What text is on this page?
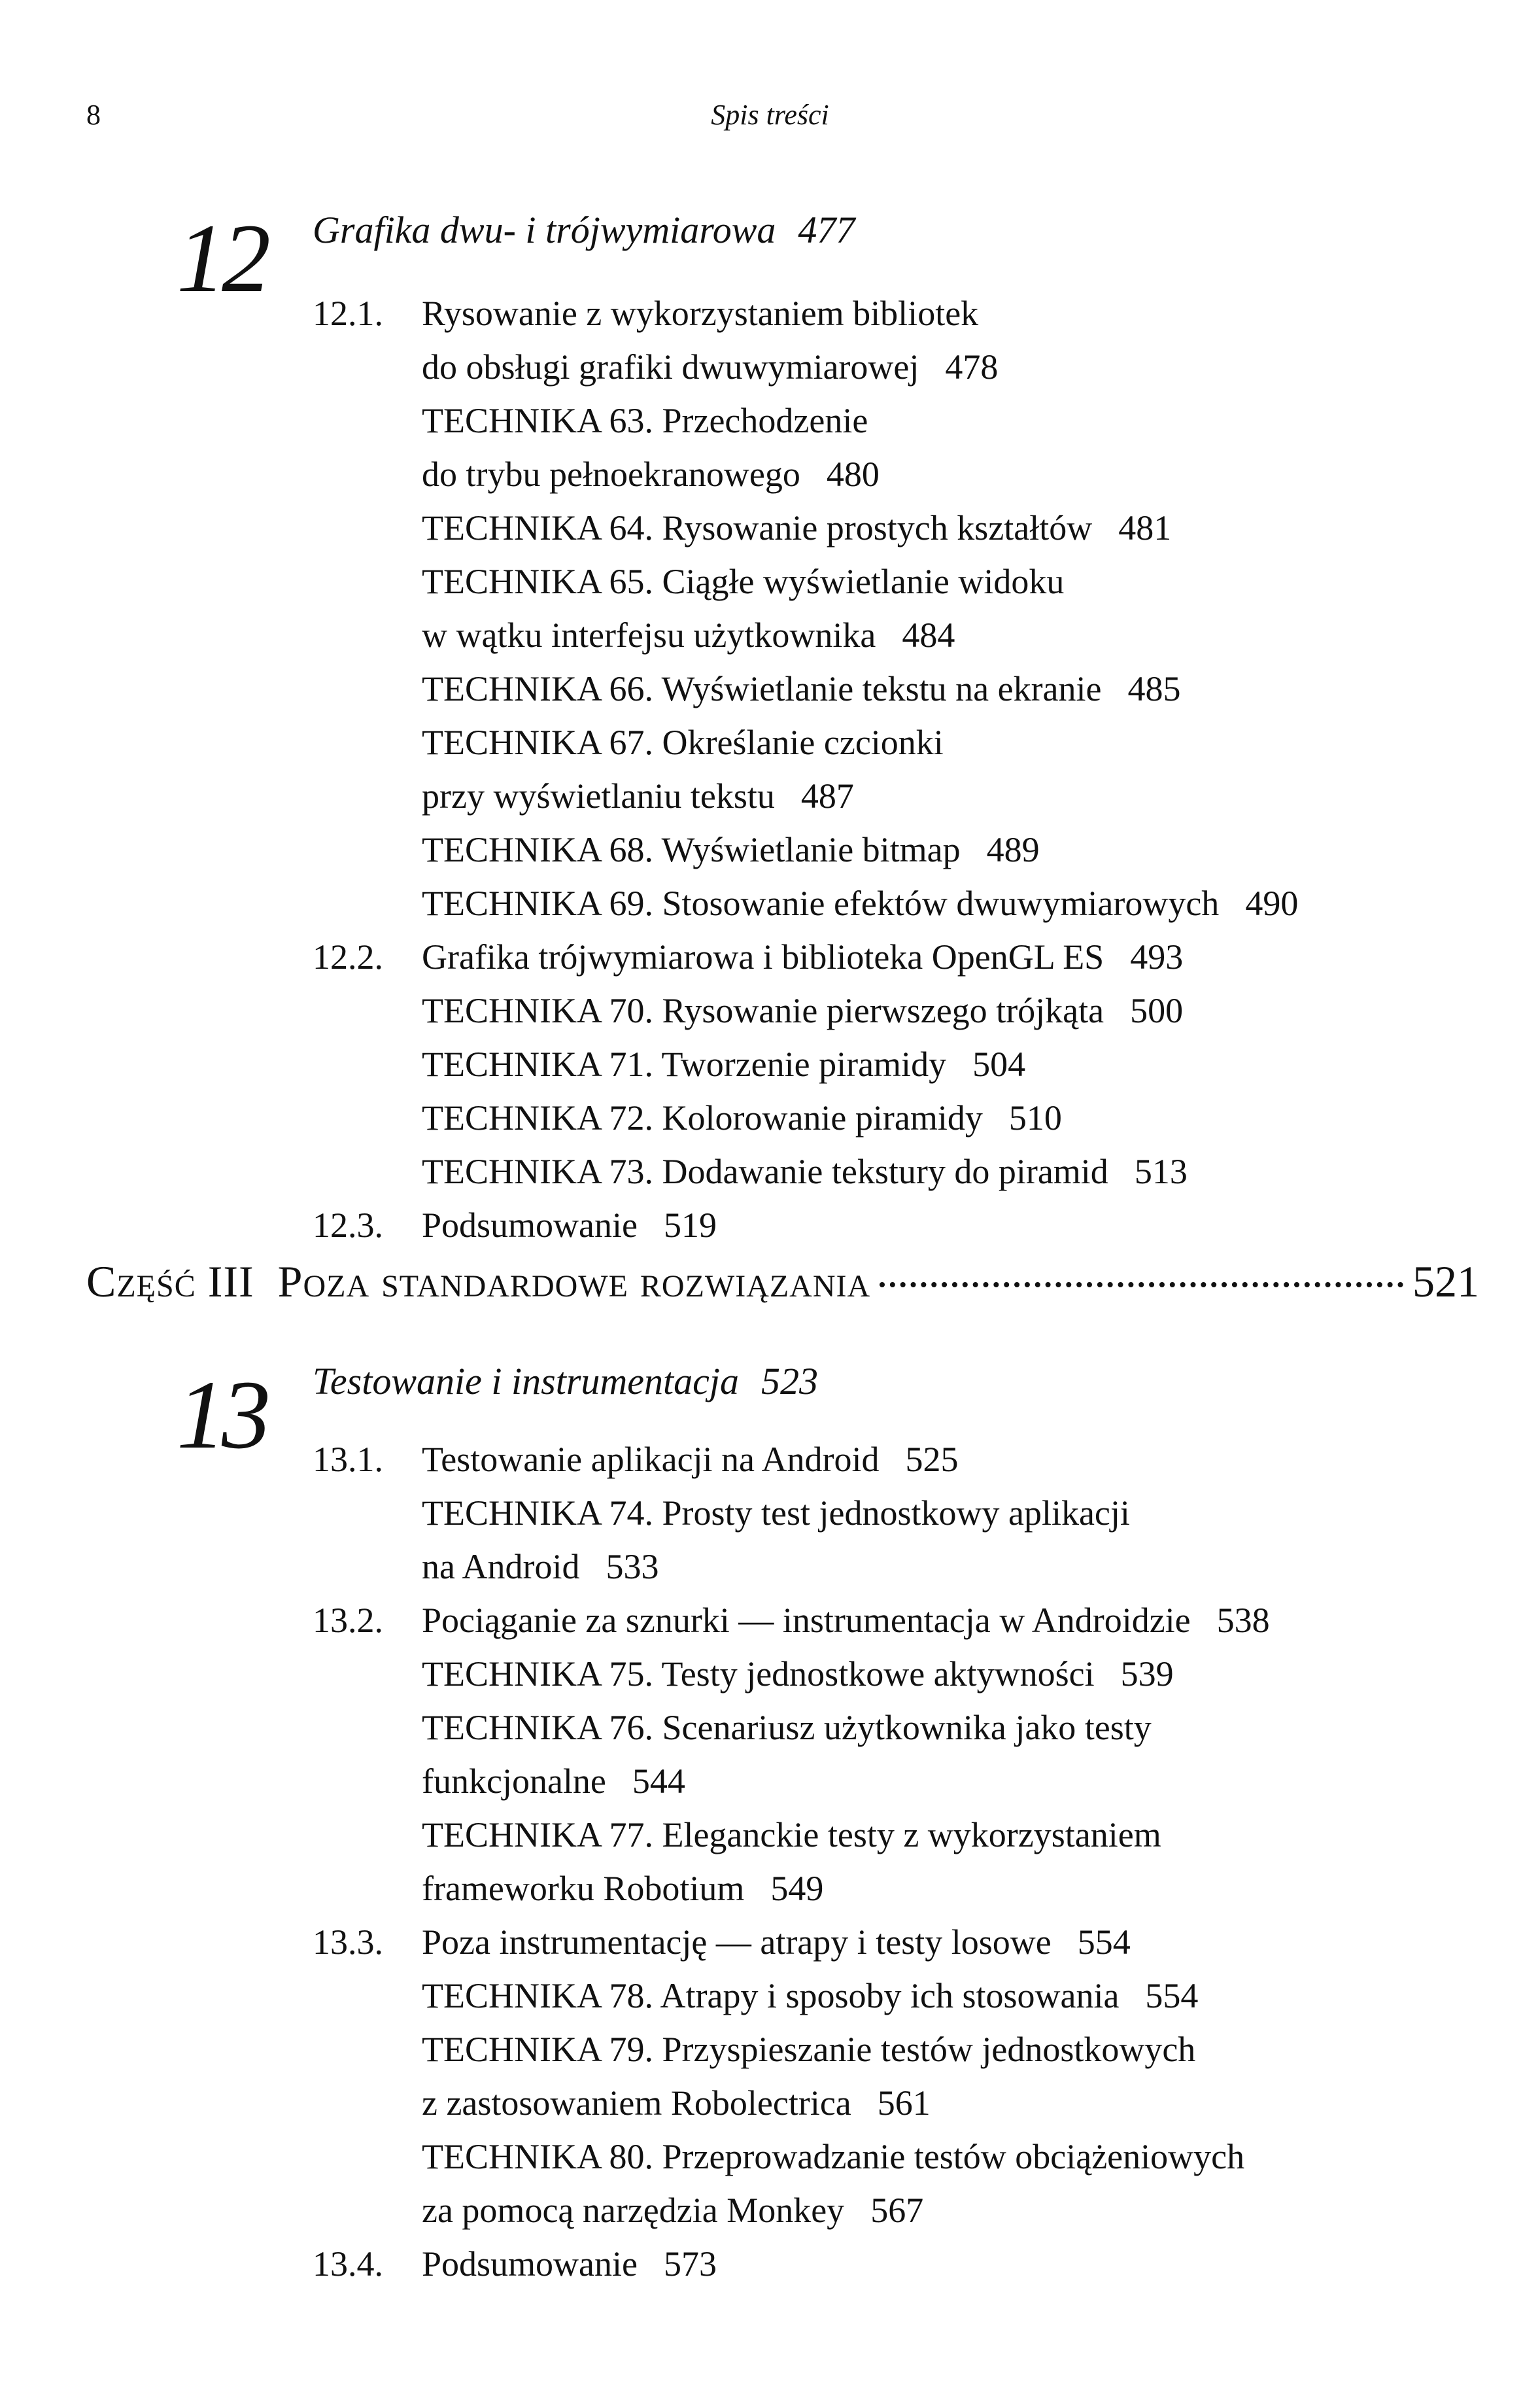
8	Spis treści
12 Grafika dwu- i trójwymiarowa 477
12.1. Rysowanie z wykorzystaniem bibliotek
do obsługi grafiki dwuwymiarowej 478
TECHNIKA 63. Przechodzenie
do trybu pełnoekranowego 480
TECHNIKA 64. Rysowanie prostych kształtów 481
TECHNIKA 65. Ciągłe wyświetlanie widoku
w wątku interfejsu użytkownika 484
TECHNIKA 66. Wyświetlanie tekstu na ekranie 485
TECHNIKA 67. Określanie czcionki
przy wyświetlaniu tekstu 487
TECHNIKA 68. Wyświetlanie bitmap 489
TECHNIKA 69. Stosowanie efektów dwuwymiarowych 490
12.2. Grafika trójwymiarowa i biblioteka OpenGL ES 493
TECHNIKA 70. Rysowanie pierwszego trójkąta 500
TECHNIKA 71. Tworzenie piramidy 504
TECHNIKA 72. Kolorowanie piramidy 510
TECHNIKA 73. Dodawanie tekstury do piramid 513
12.3. Podsumowanie 519
Część III Poza standardowe rozwiązania	521
13 Testowanie i instrumentacja 523
13.1. Testowanie aplikacji na Android 525
TECHNIKA 74. Prosty test jednostkowy aplikacji
na Android 533
13.2. Pociąganie za sznurki — instrumentacja w Androidzie 538
TECHNIKA 75. Testy jednostkowe aktywności 539
TECHNIKA 76. Scenariusz użytkownika jako testy
funkcjonalne 544
TECHNIKA 77. Eleganckie testy z wykorzystaniem
frameworku Robotium 549
13.3. Poza instrumentację — atrapy i testy losowe 554
TECHNIKA 78. Atrapy i sposoby ich stosowania 554
TECHNIKA 79. Przyspieszanie testów jednostkowych
z zastosowaniem Robolectrica 561
TECHNIKA 80. Przeprowadzanie testów obciążeniowych
za pomocą narzędzia Monkey 567
13.4. Podsumowanie 573
